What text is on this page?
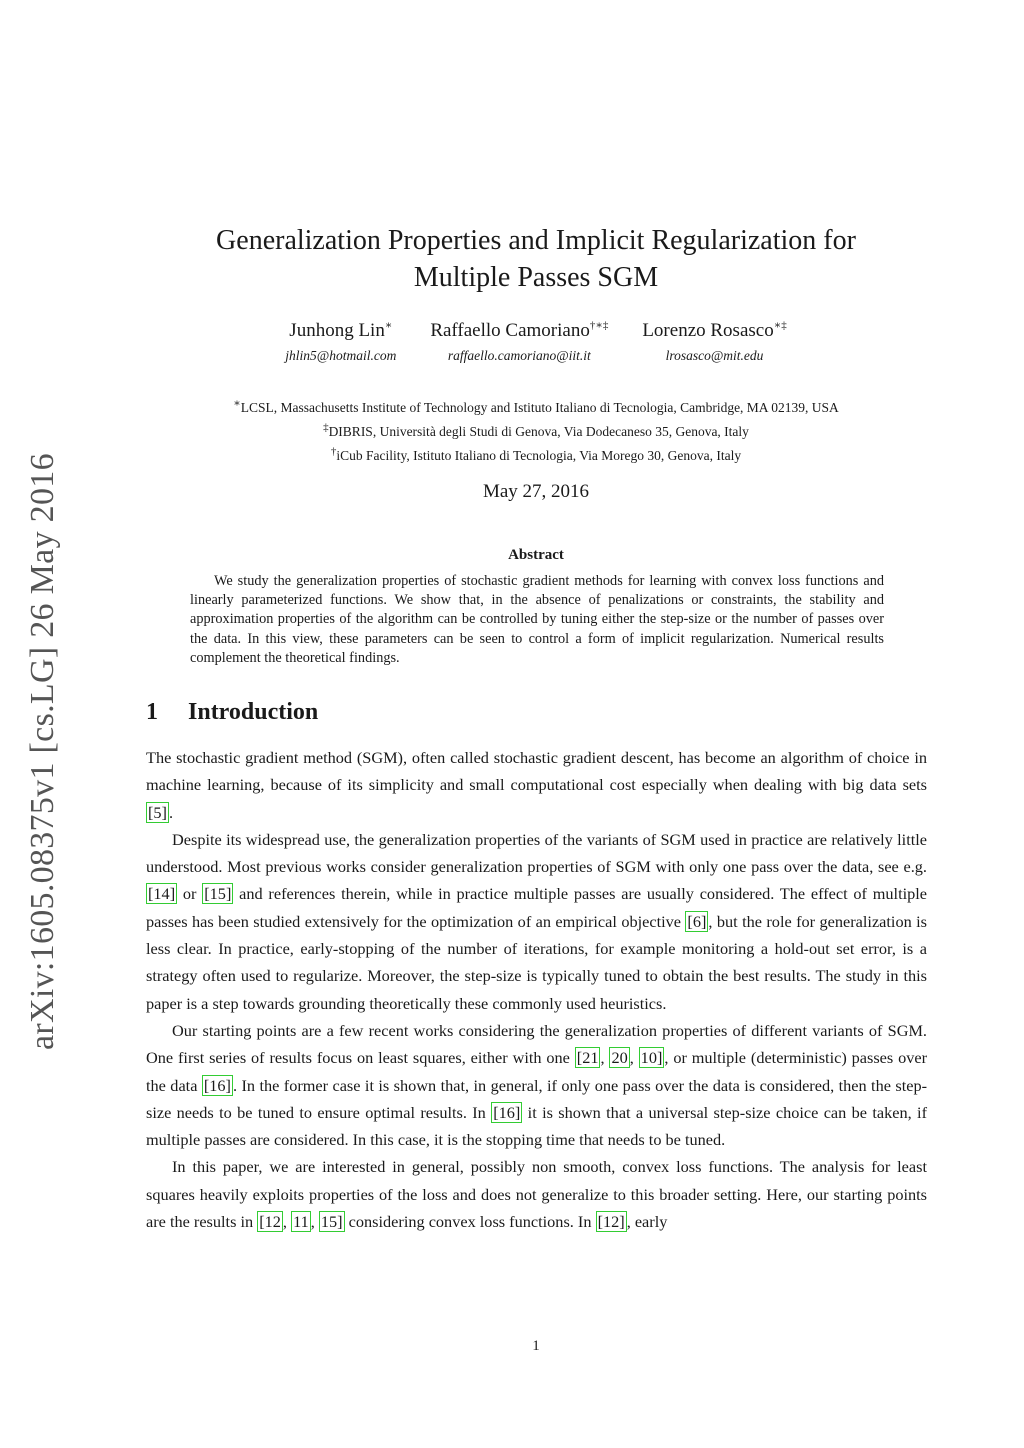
arXiv:1605.08375v1 [cs.LG] 26 May 2016
Generalization Properties and Implicit Regularization for
Multiple Passes SGM
Junhong Lin∗
jhlin5@hotmail.com
Raffaello Camoriano†∗‡
raffaello.camoriano@iit.it
Lorenzo Rosasco∗‡
lrosasco@mit.edu
∗LCSL, Massachusetts Institute of Technology and Istituto Italiano di Tecnologia, Cambridge, MA 02139, USA
‡DIBRIS, Università degli Studi di Genova, Via Dodecaneso 35, Genova, Italy
†iCub Facility, Istituto Italiano di Tecnologia, Via Morego 30, Genova, Italy
May 27, 2016
Abstract
We study the generalization properties of stochastic gradient methods for learning with convex loss functions and linearly parameterized functions. We show that, in the absence of penalizations or constraints, the stability and approximation properties of the algorithm can be controlled by tuning either the step-size or the number of passes over the data. In this view, these parameters can be seen to control a form of implicit regularization. Numerical results complement the theoretical findings.
1 Introduction

The stochastic gradient method (SGM), often called stochastic gradient descent, has become an algorithm of choice in machine learning, because of its simplicity and small computational cost especially when dealing with big data sets [5] .

Despite its widespread use, the generalization properties of the variants of SGM used in practice are relatively little understood. Most previous works consider generalization properties of SGM with only one pass over the data, see e.g. [14] or [15] and references therein, while in practice multiple passes are usually considered. The effect of multiple passes has been studied extensively for the optimization of an empirical objective [6] , but the role for generalization is less clear. In practice, early-stopping of the number of iterations, for example monitoring a hold-out set error, is a strategy often used to regularize. Moreover, the step-size is typically tuned to obtain the best results. The study in this paper is a step towards grounding theoretically these commonly used heuristics.

Our starting points are a few recent works considering the generalization properties of different variants of SGM. One first series of results focus on least squares, either with one [21 , 20 , 10] , or multiple (deterministic) passes over the data [16] . In the former case it is shown that, in general, if only one pass over the data is considered, then the step-size needs to be tuned to ensure optimal results. In [16] it is shown that a universal step-size choice can be taken, if multiple passes are considered. In this case, it is the stopping time that needs to be tuned.

In this paper, we are interested in general, possibly non smooth, convex loss functions. The analysis for least squares heavily exploits properties of the loss and does not generalize to this broader setting. Here, our starting points are the results in [12 , 11 , 15] considering convex loss functions. In [12] , early

1
